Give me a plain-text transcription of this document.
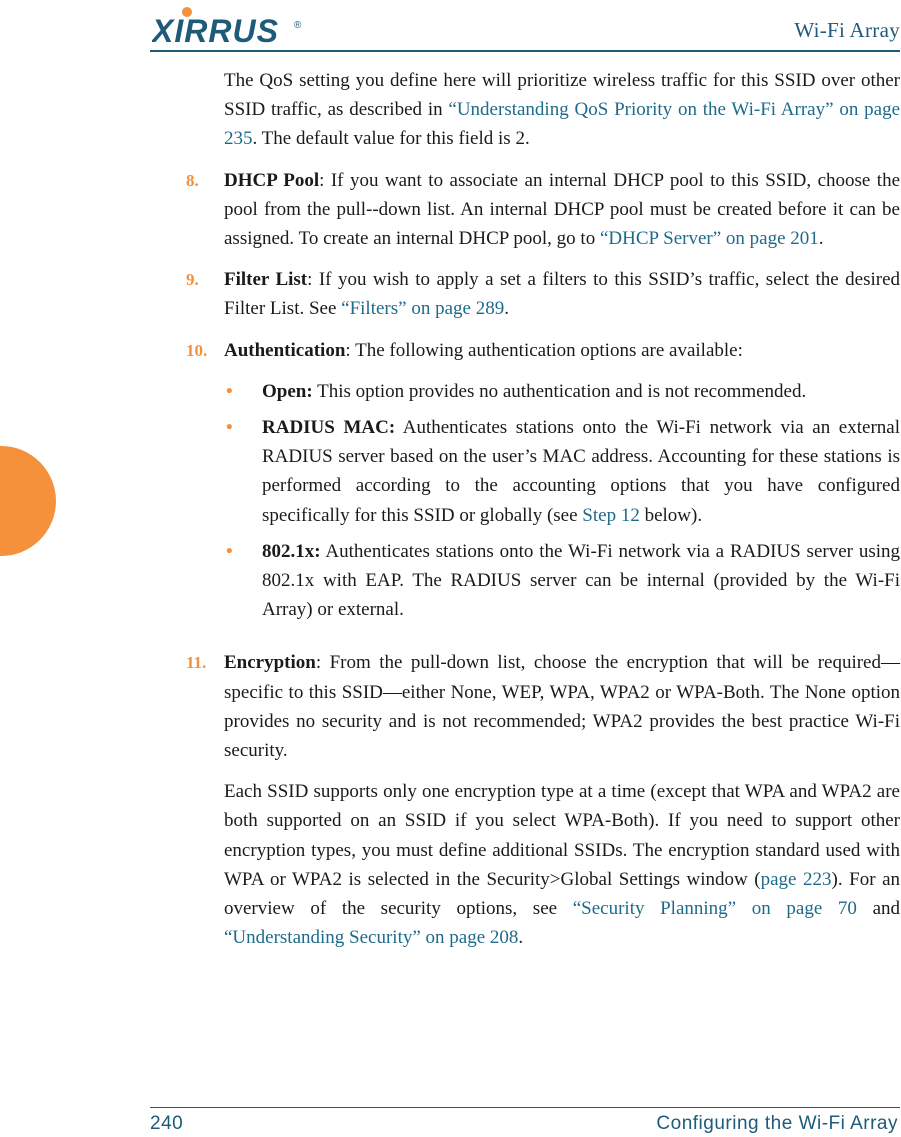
XIRRUS ®	Wi-Fi Array

The QoS setting you define here will prioritize wireless traffic for this SSID over other SSID traffic, as described in “Understanding QoS Priority on the Wi-Fi Array” on page 235. The default value for this field is 2.

8. DHCP Pool: If you want to associate an internal DHCP pool to this SSID, choose the pool from the pull--down list. An internal DHCP pool must be created before it can be assigned. To create an internal DHCP pool, go to “DHCP Server” on page 201.
9. Filter List: If you wish to apply a set a filters to this SSID’s traffic, select the desired Filter List. See “Filters” on page 289.
10. Authentication: The following authentication options are available:
• Open: This option provides no authentication and is not recommended.
• RADIUS MAC: Authenticates stations onto the Wi-Fi network via an external RADIUS server based on the user’s MAC address. Accounting for these stations is performed according to the accounting options that you have configured specifically for this SSID or globally (see Step 12 below).
• 802.1x: Authenticates stations onto the Wi-Fi network via a RADIUS server using 802.1x with EAP. The RADIUS server can be internal (provided by the Wi-Fi Array) or external.
11. Encryption: From the pull-down list, choose the encryption that will be required—specific to this SSID—either None, WEP, WPA, WPA2 or WPA-Both. The None option provides no security and is not recommended; WPA2 provides the best practice Wi-Fi security.

Each SSID supports only one encryption type at a time (except that WPA and WPA2 are both supported on an SSID if you select WPA-Both). If you need to support other encryption types, you must define additional SSIDs. The encryption standard used with WPA or WPA2 is selected in the Security>Global Settings window (page 223). For an overview of the security options, see “Security Planning” on page 70 and “Understanding Security” on page 208.

240	Configuring the Wi-Fi Array
